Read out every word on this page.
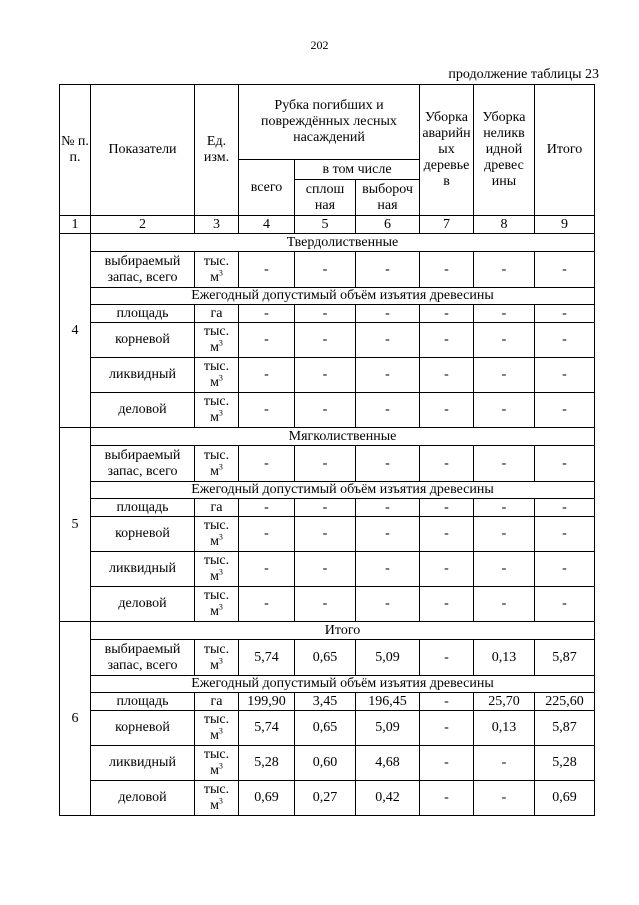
202
продолжение таблицы 23
№ п. п.	Показатели	Ед. изм.	Рубка погибших и повреждённых лесных насаждений			Уборка аварийн ых деревье в	Уборка неликв идной древес ины	Итого
			всего	в том числе				
				сплош ная	выбороч ная			
1	2	3	4	5	6	7	8	9
4	Твердолиственные							
	выбираемый запас, всего	тыс. $м^3$	-	-	-	-	-	-
	Ежегодный допустимый объём изъятия древесины							
	площадь	га	-	-	-	-	-	-
	корневой	тыс. $м^3$	-	-	-	-	-	-
	ликвидный	тыс. $м^3$	-	-	-	-	-	-
	деловой	тыс. $м^3$	-	-	-	-	-	-
5	Мягколиственные							
	выбираемый запас, всего	тыс. $м^3$	-	-	-	-	-	-
	Ежегодный допустимый объём изъятия древесины							
	площадь	га	-	-	-	-	-	-
	корневой	тыс. $м^3$	-	-	-	-	-	-
	ликвидный	тыс. $м^3$	-	-	-	-	-	-
	деловой	тыс. $м^3$	-	-	-	-	-	-
6	Итого							
	выбираемый запас, всего	тыс. $м^3$	5,74	0,65	5,09	-	0,13	5,87
	Ежегодный допустимый объём изъятия древесины							
	площадь	га	199,90	3,45	196,45	-	25,70	225,60
	корневой	тыс. $м^3$	5,74	0,65	5,09	-	0,13	5,87
	ликвидный	тыс. $м^3$	5,28	0,60	4,68	-	-	5,28
	деловой	тыс. $м^3$	0,69	0,27	0,42	-	-	0,69
